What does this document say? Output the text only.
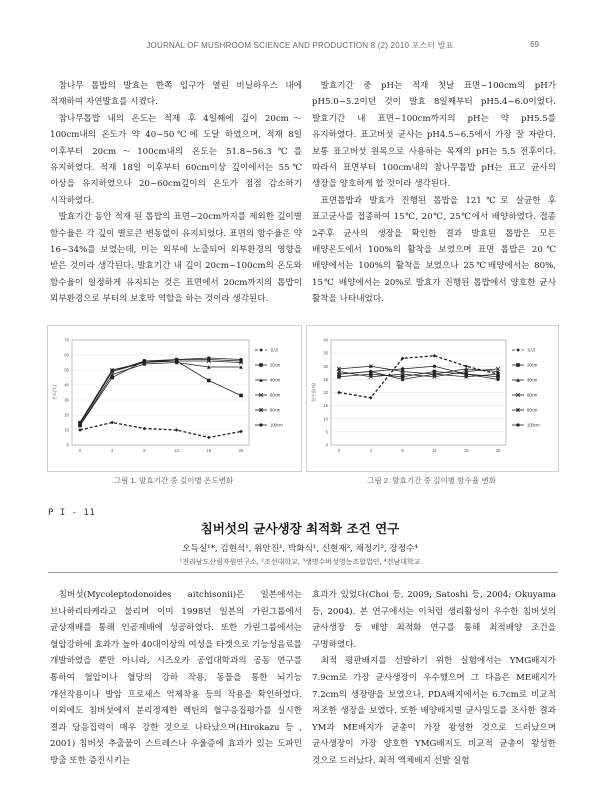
JOURNAL OF MUSHROOM SCIENCE AND PRODUCTION 8 (2) 2010 포스터 발표	69

참나무 톱밥의 발효는 한쪽 입구가 열린 비닐하우스 내에 적재하여 자연발효를 시켰다.

참나무톱밥 내의 온도는 적재 후 4일째에 깊이 20cm～100cm내의 온도가 약 40~50℃에 도달 하였으며, 적재 8일 이후부터 20cm～100cm내의 온도는 51.8~56.3℃를 유지하였다. 적재 18일 이후부터 60cm이상 깊이에서는 55℃이상을 유지하였으나 20~60cm깊이의 온도가 점점 감소하기 시작하였다.

발효기간 동안 적재 된 톱밥의 표면~20cm까지를 제외한 깊이별 함수율은 각 깊이 별로큰 변동없이 유지되었다. 표면의 함수율은 약 16~34%를 보였는데, 이는 외부에 노출되어 외부환경의 영향을 받은 것이라 생각된다. 발효기간 내 깊이 20cm~100cm의 온도와 함수율이 일정하게 유지되는 것은 표면에서 20cm까지의 톱밥이 외부환경으로 부터의 보호막 역할을 하는 것이라 생각된다.

발효기간 중 pH는 적재 첫날 표면~100cm의 pH가 pH5.0~5.2이던 것이 발효 8일째부터 pH5.4~6.0이었다. 발효기간 내 표면~100cm까지의 pH는 약 pH5.5를 유지하였다. 표고버섯 균사는 pH4.5~6.5에서 가장 잘 자란다. 보통 표고버섯 원목으로 사용하는 목재의 pH는 5.5 전후이다. 따라서 표면부터 100cm내의 참나무톱밥 pH는 표고 균사의 생장을 양호하게 할 것이라 생각된다.

표면톱밥과 발효가 진행된 톱밥을 121℃로 살균한 후 표고균사를 접종하여 15℃, 20℃, 25℃에서 배양하였다. 접종 2주후 균사의 생장을 확인한 결과 발효된 톱밥은 모든 배양온도에서 100%의 활착을 보였으며 표면 톱밥은 20℃ 배양에서는 100%의 활착을 보였으나 25℃배양에서는 80%, 15℃ 배양에서는 20%로 발효가 진행된 톱밥에서 양호한 균사 활착을 나타내었다.

0
10
20
30
40
50
60
70
0	4	8	12	18	25
온도(℃)
표면
20cm
40cm
60cm
80cm
100cm
0
5
10
15
20
25
30
35
40
0	4	8	12	18	25
함수율(%)
표면
20cm
40cm
60cm
80cm
100cm
그림 1. 발효기간 중 깊이별 온도변화	그림 2. 발효기간 중 깊이별 함수율 변화
P I - 11
침버섯의 균사생장 최적화 조건 연구
오득실¹*, 김현석¹, 위안진¹, 박화식¹, 신현재², 채정기³, 장정수⁴
¹전라남도산림자원연구소, ²조선대학교, ³생명수버섯영농조합법인, ⁴전남대학교

침버섯(Mycoleptodonoides aitchisonii)은 일본에서는 브나하리타케라고 불리며 이미 1998년 일본의 가린그룹에서 균상재배를 통해 인공재배에 성공하였다. 또한 가린그룹에서는 혈압강하에 효과가 높아 40대이상의 여성을 타겟으로 기능성음료를 개발하였을 뿐만 아니라, 시즈오카 공업대학과의 공동 연구를 통하여 혈압이나 혈당의 강하 작용, 동물을 통한 뇌기능 개선작용이나 발암 프로세스 억제작용 등의 작용을 확인하였다. 이외에도 침버섯에서 분리정제한 렉틴의 혈구응집평가를 실시한 결과 당응집력이 매우 강한 것으로 나타났으며(Hirokazu 등 , 2001) 침버섯 추출물이 스트레스나 우울증에 효과가 있는 도파민 방출 또한 증진시키는

효과가 있었다(Choi 등, 2009; Satoshi 등, 2004; Okuyama 등, 2004). 본 연구에서는 이처럼 생리활성이 우수한 침버섯의 균사생장 등 배양 최적화 연구를 통해 최적배양 조건을 구명하였다.

최적 평판배지를 선발하기 위한 실험에서는 YMG배지가 7.9cm로 가장 균사생장이 우수했으며 그 다음은 ME배지가 7.2cm의 생장량을 보였으나, PDA배지에서는 6.7cm로 비교적 저조한 생장을 보였다. 또한 배양배지별 균사밀도를 조사한 결과 YM과 ME배지가 균총이 가장 왕성한 것으로 드러났으며 균사생장이 가장 양호한 YMG배지도 비교적 균총이 왕성한 것으로 드러났다. 최적 액체배지 선발 실험
